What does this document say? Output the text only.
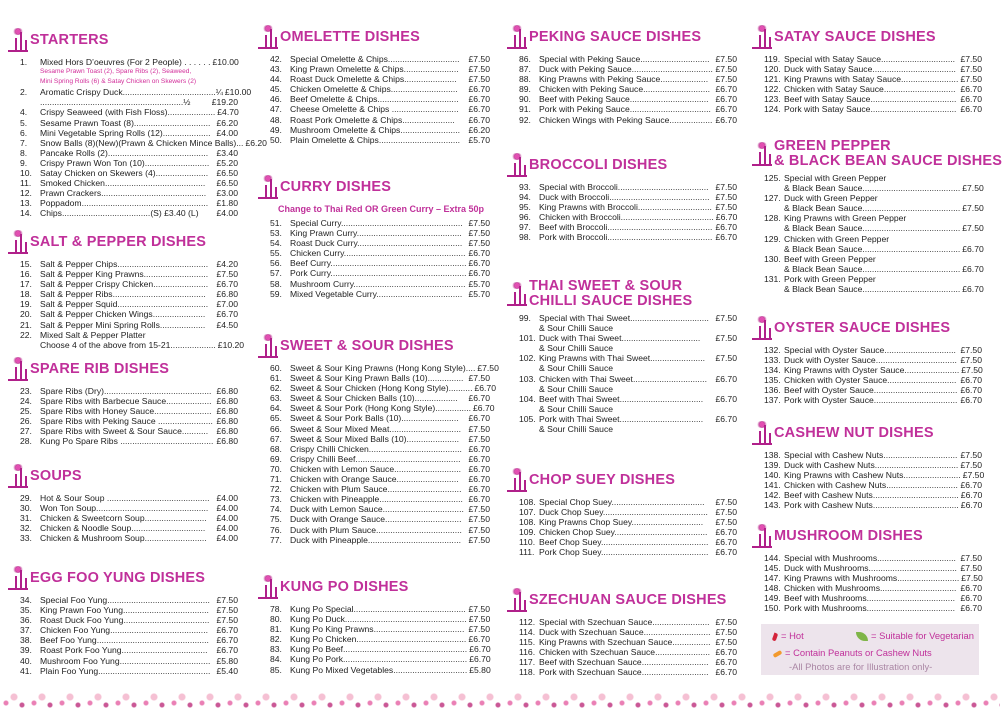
STARTERS
1.	Mixed Hors D’oeuvres (For 2 People) . . . . . . £10.00
Sesame Prawn Toast (2), Spare Ribs (2), Seaweed,
Mini Spring Rolls (6) & Satay Chicken on Skewers (2)
2.	Aromatic Crispy Duck.......................................¼ £10.00
............................................................½	£19.20
4.	Crispy Seaweed (with Fish Floss).................... £4.70
5.	Sesame Prawn Toast (8)................................ £6.20
6.	Mini Vegetable Spring Rolls (12).................... £4.00
7.	Snow Balls (8)(New)(Prawn & Chicken Mince Balls)... £6.20
8.	Pancake Rolls (2).......................................... £3.40
9.	Crispy Prawn Won Ton (10)........................... £5.20
10. Satay Chicken on Skewers (4)...................... £6.50
11.	Smoked Chicken..........................................	£6.50
12. Prawn Crackers............................................	£3.00
13. Poppadom..................................................... £1.80
14. Chips.....................................(S) £3.40 (L)	£4.00
SALT & PEPPER DISHES
15. Salt & Pepper Chips...................................... £4.20
16. Salt & Pepper King Prawns........................... £7.50
17. Salt & Pepper Crispy Chicken....................... £6.70
18. Salt & Pepper Ribs.......................................	£6.80
19. Salt & Pepper Squid...................................... £7.00
20. Salt & Pepper Chicken Wings......................	£6.70
21. Salt & Pepper Mini Spring Rolls...................	£4.50
22. Mixed Salt & Pepper Platter
Choose 4 of the above from 15-21................... £10.20
SPARE RIB DISHES
23. Spare Ribs (Dry)............................................. £6.80
24. Spare Ribs with Barbecue Sauce................... £6.80
25. Spare Ribs with Honey Sauce........................ £6.80
26. Spare Ribs with Peking Sauce ....................... £6.80
27. Spare Ribs with Sweet & Sour Sauce........... £6.80
28. Kung Po Spare Ribs ....................................... £6.80
SOUPS
29. Hot & Sour Soup ........................................... £4.00
30. Won Ton Soup............................................... £4.00
31. Chicken & Sweetcorn Soup..........................	£4.00
32. Chicken & Noodle Soup...............................	£4.00
33. Chicken & Mushroom Soup..........................	£4.00
EGG FOO YUNG DISHES
34. Special Foo Yung........................................... £7.50
35. King Prawn Foo Yung.................................... £7.50
36. Roast Duck Foo Yung.................................... £7.50
37. Chicken Foo Yung......................................... £6.70
38. Beef Foo Yung............................................... £6.70
39. Roast Pork Foo Yung....................................	£6.70
40. Mushroom Foo Yung...................................... £5.80
41. Plain Foo Yung............................................... £5.40
OMELETTE DISHES
42. Special Omelette & Chips..............................	£7.50
43. King Prawn Omelette & Chips.......................	£7.50
44. Roast Duck Omelette & Chips......................	£7.50
45. Chicken Omelette & Chips............................	£6.70
46. Beef Omelette & Chips..................................	£6.70
47. Cheese Omelette & Chips ............................	£6.70
48. Roast Pork Omelette & Chips......................	£6.70
49. Mushroom Omelette & Chips......................... £6.20
50. Plain Omelette & Chips.................................. £5.70
CURRY DISHES
Change to Thai Red OR Green Curry – Extra 50p
51. Special Curry................................................... £7.50
53. King Prawn Curry............................................ £7.50
54. Roast Duck Curry............................................ £7.50
55. Chicken Curry................................................... £6.70
56. Beef Curry......................................................... £6.70
57. Pork Curry......................................................... £6.70
58. Mushroom Curry............................................... £5.70
59. Mixed Vegetable Curry.................................... £5.70
SWEET & SOUR DISHES
60. Sweet & Sour King Prawns (Hong Kong Style).... £7.50
61. Sweet & Sour King Prawn Balls (10)............... £7.50
62. Sweet & Sour Chicken (Hong Kong Style).......... £6.70
63. Sweet & Sour Chicken Balls (10)..................	£6.70
64. Sweet & Sour Pork (Hong Kong Style)............... £6.70
65. Sweet & Sour Pork Balls (10)........................	£6.70
66. Sweet & Sour Mixed Meat.............................. £7.50
67. Sweet & Sour Mixed Balls (10)......................	£7.50
68. Crispy Chilli Chicken....................................... £6.70
69. Crispy Chilli Beef............................................ £6.70
70. Chicken with Lemon Sauce............................ £6.70
71. Chicken with Orange Sauce..........................	£6.70
72. Chicken with Plum Sauce............................... £6.70
73. Chicken with Pineapple................................... £6.70
74. Duck with Lemon Sauce.................................. £7.50
75. Duck with Orange Sauce................................ £7.50
76. Duck with Plum Sauce.................................... £7.50
77. Duck with Pineapple....................................... £7.50
KUNG PO DISHES
78. Kung Po Special............................................... £7.50
80. Kung Po Duck................................................... £7.50
81. Kung Po King Prawns...................................... £7.50
82. Kung Po Chicken.............................................. £6.70
83. Kung Po Beef.................................................... £6.70
84. Kung Po Pork.................................................... £6.70
85. Kung Po Mixed Vegetables............................... £5.80
PEKING SAUCE DISHES
86. Special with Peking Sauce............................. £7.50
87. Duck with Peking Sauce.................................. £7.50
88. King Prawns with Peking Sauce.................... £7.50
89. Chicken with Peking Sauce............................ £6.70
90. Beef with Peking Sauce................................. £6.70
91. Pork with Peking Sauce.................................. £6.70
92. Chicken Wings with Peking Sauce.................. £6.70
BROCCOLI DISHES
93. Special with Broccoli...................................... £7.50
94. Duck with Broccoli.......................................... £7.50
95. King Prawns with Broccoli............................... £7.50
96. Chicken with Broccoli....................................... £6.70
97. Beef with Broccoli............................................ £6.70
98. Pork with Broccoli............................................ £6.70
THAI SWEET & SOUR
CHILLI SAUCE DISHES
99. Special with Thai Sweet................................. £7.50
& Sour Chilli Sauce
101. Duck with Thai Sweet.................................	£7.50
& Sour Chilli Sauce
102. King Prawns with Thai Sweet.......................	£7.50
& Sour Chilli Sauce
103. Chicken with Thai Sweet............................... £6.70
& Sour Chilli Sauce
104. Beef with Thai Sweet...................................	£6.70
& Sour Chilli Sauce
105. Pork with Thai Sweet...................................	£6.70
& Sour Chilli Sauce
CHOP SUEY DISHES
108. Special Chop Suey.......................................	£7.50
107. Duck Chop Suey............................................ £7.50
108. King Prawns Chop Suey..............................	£7.50
109. Chicken Chop Suey....................................... £6.70
110. Beef Chop Suey............................................. £6.70
111. Pork Chop Suey............................................. £6.70
SZECHUAN SAUCE DISHES
112. Special with Szechuan Sauce........................ £7.50
114. Duck with Szechuan Sauce............................ £7.50
115. King Prawns with Szechuan Sauce................ £7.50
116. Chicken with Szechuan Sauce....................... £6.70
117. Beef with Szechuan Sauce............................ £6.70
118. Pork with Szechuan Sauce............................ £6.70
SATAY SAUCE DISHES
119. Special with Satay Sauce............................... £7.50
120. Duck with Satay Sauce................................... £7.50
121. King Prawns with Satay Sauce........................ £7.50
122. Chicken with Satay Sauce.............................. £6.70
123. Beef with Satay Sauce.................................... £6.70
124. Pork with Satay Sauce.................................... £6.70
GREEN PEPPER
& BLACK BEAN SAUCE DISHES
125. Special with Green Pepper
& Black Bean Sauce......................................... £7.50
127. Duck with Green Pepper
& Black Bean Sauce......................................... £7.50
128. King Prawns with Green Pepper
& Black Bean Sauce......................................... £7.50
129. Chicken with Green Pepper
& Black Bean Sauce......................................... £6.70
130. Beef with Green Pepper
& Black Bean Sauce......................................... £6.70
131. Pork with Green Pepper
& Black Bean Sauce......................................... £6.70
OYSTER SAUCE DISHES
132. Special with Oyster Sauce.............................. £7.50
133. Duck with Oyster Sauce.................................. £7.50
134. King Prawns with Oyster Sauce....................... £7.50
135. Chicken with Oyster Sauce............................. £6.70
136. Beef with Oyster Sauce................................... £6.70
137. Pork with Oyster Sauce................................... £6.70
CASHEW NUT DISHES
138. Special with Cashew Nuts............................... £7.50
139. Duck with Cashew Nuts................................... £7.50
140. King Prawns with Cashew Nuts........................ £7.50
141. Chicken with Cashew Nuts.............................. £6.70
142. Beef with Cashew Nuts.................................... £6.70
143. Pork with Cashew Nuts.................................... £6.70
MUSHROOM DISHES
144. Special with Mushrooms................................. £7.50
145. Duck with Mushrooms..................................... £7.50
147. King Prawns with Mushrooms.......................... £7.50
148. Chicken with Mushrooms................................ £6.70
149. Beef with Mushrooms..................................... £6.70
150. Pork with Mushrooms..................................... £6.70
= Hot	= Suitable for Vegetarian
= Contain Peanuts or Cashew Nuts
-All Photos are for Illustration only-
